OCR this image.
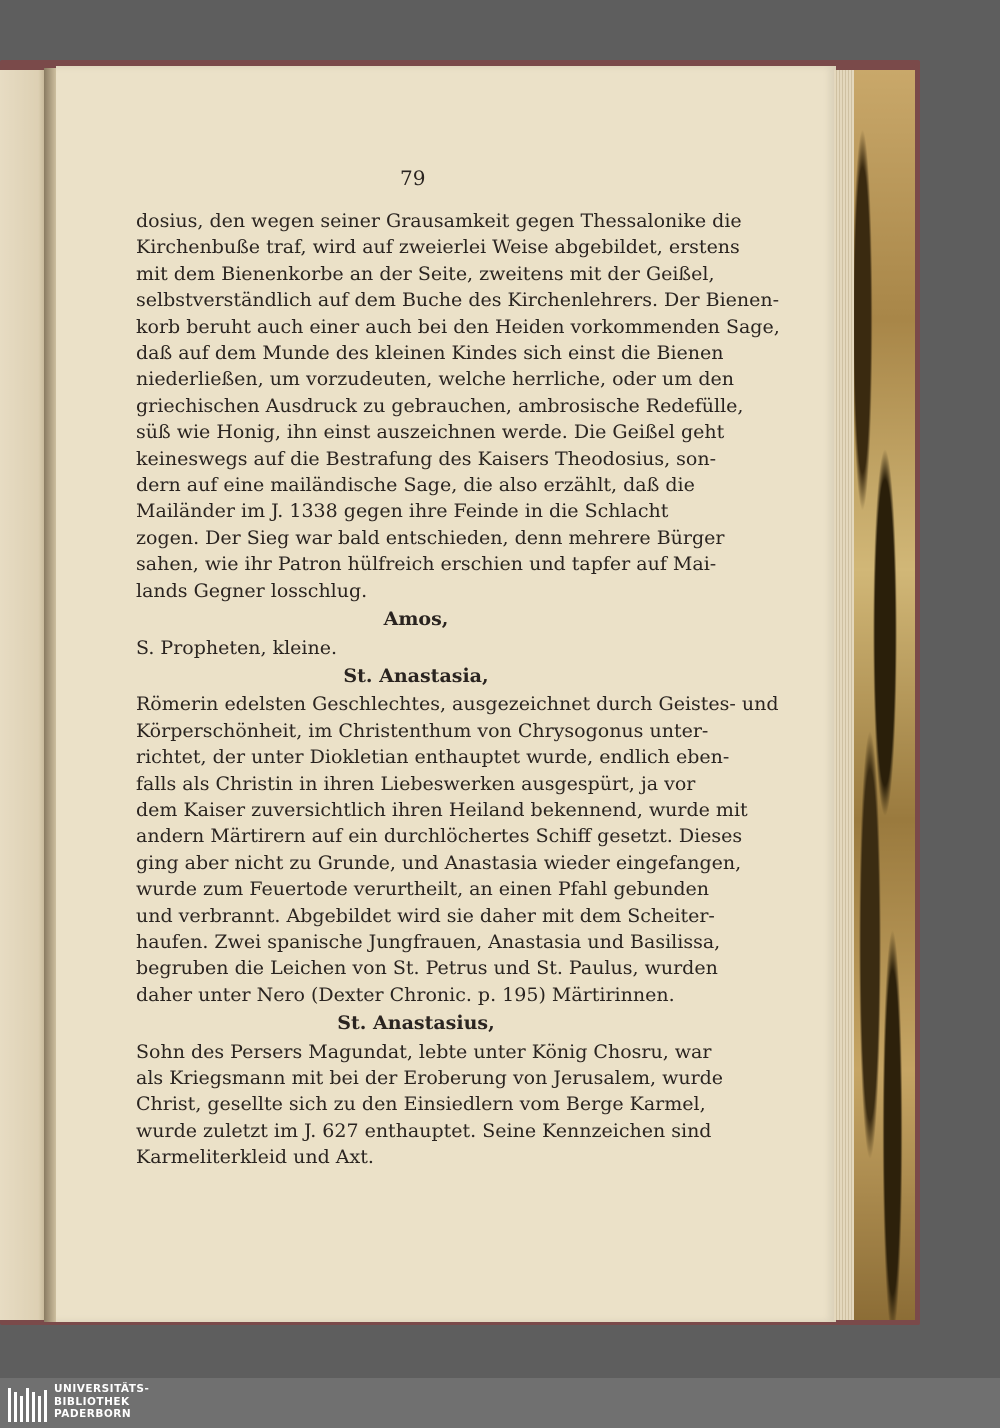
79
dosius, den wegen seiner Grausamkeit gegen Thessalonike die
Kirchenbuße traf, wird auf zweierlei Weise abgebildet, erstens
mit dem Bienenkorbe an der Seite, zweitens mit der Geißel,
selbstverständlich auf dem Buche des Kirchenlehrers. Der Bienen-
korb beruht auch einer auch bei den Heiden vorkommenden Sage,
daß auf dem Munde des kleinen Kindes sich einst die Bienen
niederließen, um vorzudeuten, welche herrliche, oder um den
griechischen Ausdruck zu gebrauchen, ambrosische Redefülle,
süß wie Honig, ihn einst auszeichnen werde. Die Geißel geht
keineswegs auf die Bestrafung des Kaisers Theodosius, son-
dern auf eine mailändische Sage, die also erzählt, daß die
Mailänder im J. 1338 gegen ihre Feinde in die Schlacht
zogen. Der Sieg war bald entschieden, denn mehrere Bürger
sahen, wie ihr Patron hülfreich erschien und tapfer auf Mai-
lands Gegner losschlug.
Amos,
S. Propheten, kleine.
St. Anastasia,
Römerin edelsten Geschlechtes, ausgezeichnet durch Geistes- und
Körperschönheit, im Christenthum von Chrysogonus unter-
richtet, der unter Diokletian enthauptet wurde, endlich eben-
falls als Christin in ihren Liebeswerken ausgespürt, ja vor
dem Kaiser zuversichtlich ihren Heiland bekennend, wurde mit
andern Märtirern auf ein durchlöchertes Schiff gesetzt. Dieses
ging aber nicht zu Grunde, und Anastasia wieder eingefangen,
wurde zum Feuertode verurtheilt, an einen Pfahl gebunden
und verbrannt. Abgebildet wird sie daher mit dem Scheiter-
haufen. Zwei spanische Jungfrauen, Anastasia und Basilissa,
begruben die Leichen von St. Petrus und St. Paulus, wurden
daher unter Nero (Dexter Chronic. p. 195) Märtirinnen.
St. Anastasius,
Sohn des Persers Magundat, lebte unter König Chosru, war
als Kriegsmann mit bei der Eroberung von Jerusalem, wurde
Christ, gesellte sich zu den Einsiedlern vom Berge Karmel,
wurde zuletzt im J. 627 enthauptet. Seine Kennzeichen sind
Karmeliterkleid und Axt.
UNIVERSITÄTS-
BIBLIOTHEK
PADERBORN
